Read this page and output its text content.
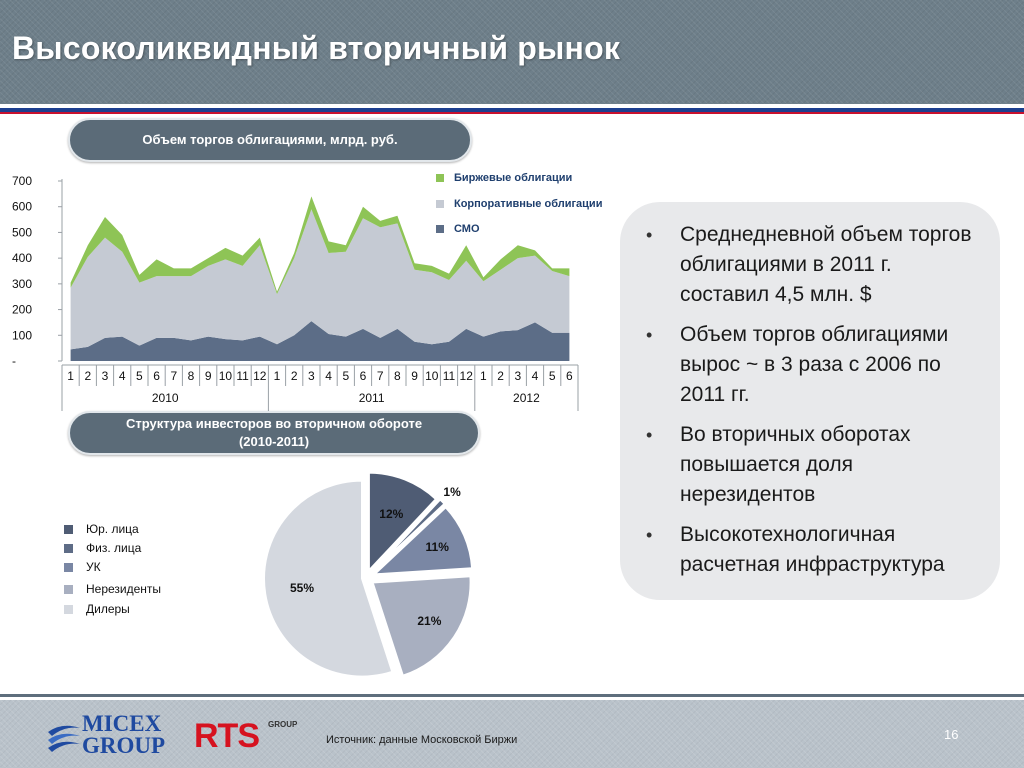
Высоколиквидный вторичный рынок
Объем торгов облигациями, млрд. руб.
700
600
500
400
300
200
100
-
1 2 3 4 5 6 7 8 9 10 11 12 1 2 3 4 5 6 7 8 9 10 11 12 1 2 3 4 5 6
2010	2011	2012
Биржевые облигации
Корпоративные облигации
СМО
Структура инвесторов во вторичном обороте
(2010-2011)
Юр. лица
Физ. лица
УК
Нерезиденты
Дилеры
12%
1%
11%
21%
55%
• Среднедневной объем торгов облигациями в 2011 г. составил 4,5 млн. $
• Объем торгов облигациями вырос ~ в 3 раза с 2006 по 2011 гг.
• Во вторичных оборотах повышается доля нерезидентов
• Высокотехнологичная расчетная инфраструктура
MICEX
GROUP RTS GROUP
Источник: данные Московской Биржи	16
